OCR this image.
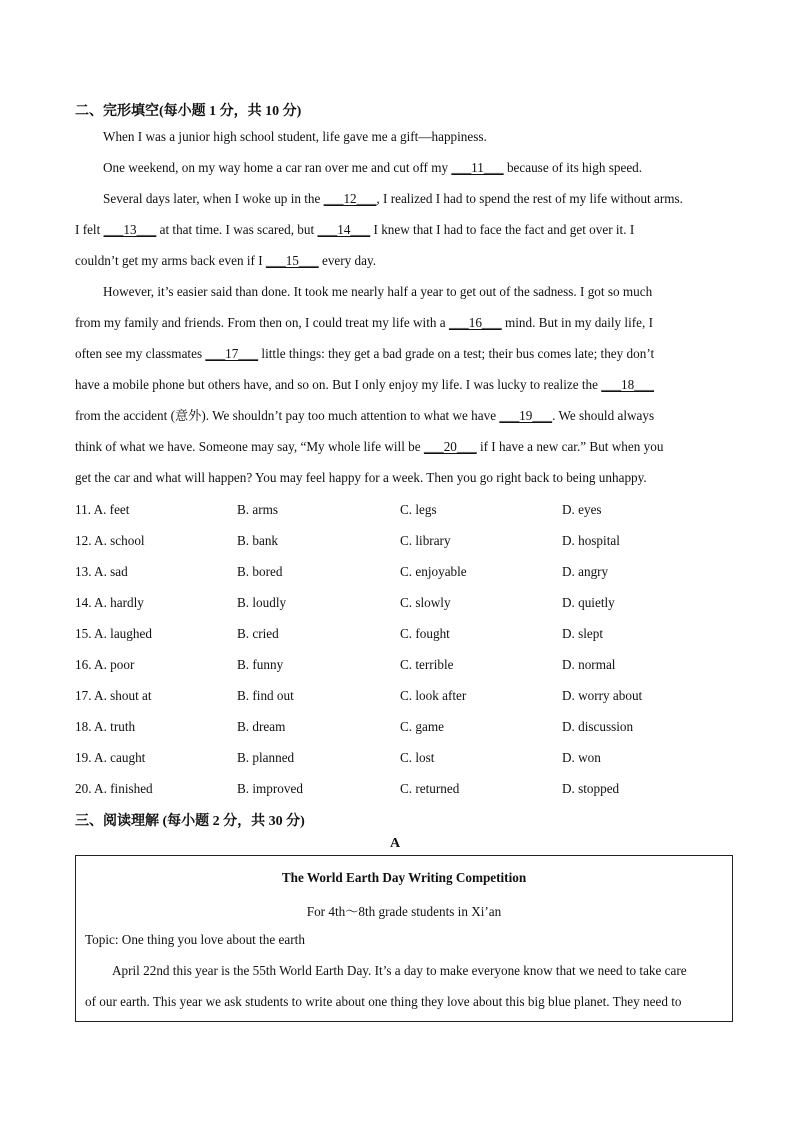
二、完形填空(每小题 1 分，共 10 分)
When I was a junior high school student, life gave me a gift—happiness.
One weekend, on my way home a car ran over me and cut off my ___11___ because of its high speed.
Several days later, when I woke up in the ___12___, I realized I had to spend the rest of my life without arms.
I felt ___13___ at that time. I was scared, but ___14___ I knew that I had to face the fact and get over it. I
couldn’t get my arms back even if I ___15___ every day.
However, it’s easier said than done. It took me nearly half a year to get out of the sadness. I got so much
from my family and friends. From then on, I could treat my life with a ___16___ mind. But in my daily life, I
often see my classmates ___17___ little things: they get a bad grade on a test; their bus comes late; they don’t
have a mobile phone but others have, and so on. But I only enjoy my life. I was lucky to realize the ___18___
from the accident (意外). We shouldn’t pay too much attention to what we have ___19___. We should always
think of what we have. Someone may say, “My whole life will be ___20___ if I have a new car.” But when you
get the car and what will happen? You may feel happy for a week. Then you go right back to being unhappy.
11. A. feet	B. arms	C. legs	D. eyes
12. A. school	B. bank	C. library	D. hospital
13. A. sad	B. bored	C. enjoyable	D. angry
14. A. hardly	B. loudly	C. slowly	D. quietly
15. A. laughed	B. cried	C. fought	D. slept
16. A. poor	B. funny	C. terrible	D. normal
17. A. shout at	B. find out	C. look after	D. worry about
18. A. truth	B. dream	C. game	D. discussion
19. A. caught	B. planned	C. lost	D. won
20. A. finished	B. improved	C. returned	D. stopped
三、阅读理解 (每小题 2 分，共 30 分)
A
The World Earth Day Writing Competition
For 4th～8th grade students in Xi’an
Topic: One thing you love about the earth
April 22nd this year is the 55th World Earth Day. It’s a day to make everyone know that we need to take care
of our earth. This year we ask students to write about one thing they love about this big blue planet. They need to
